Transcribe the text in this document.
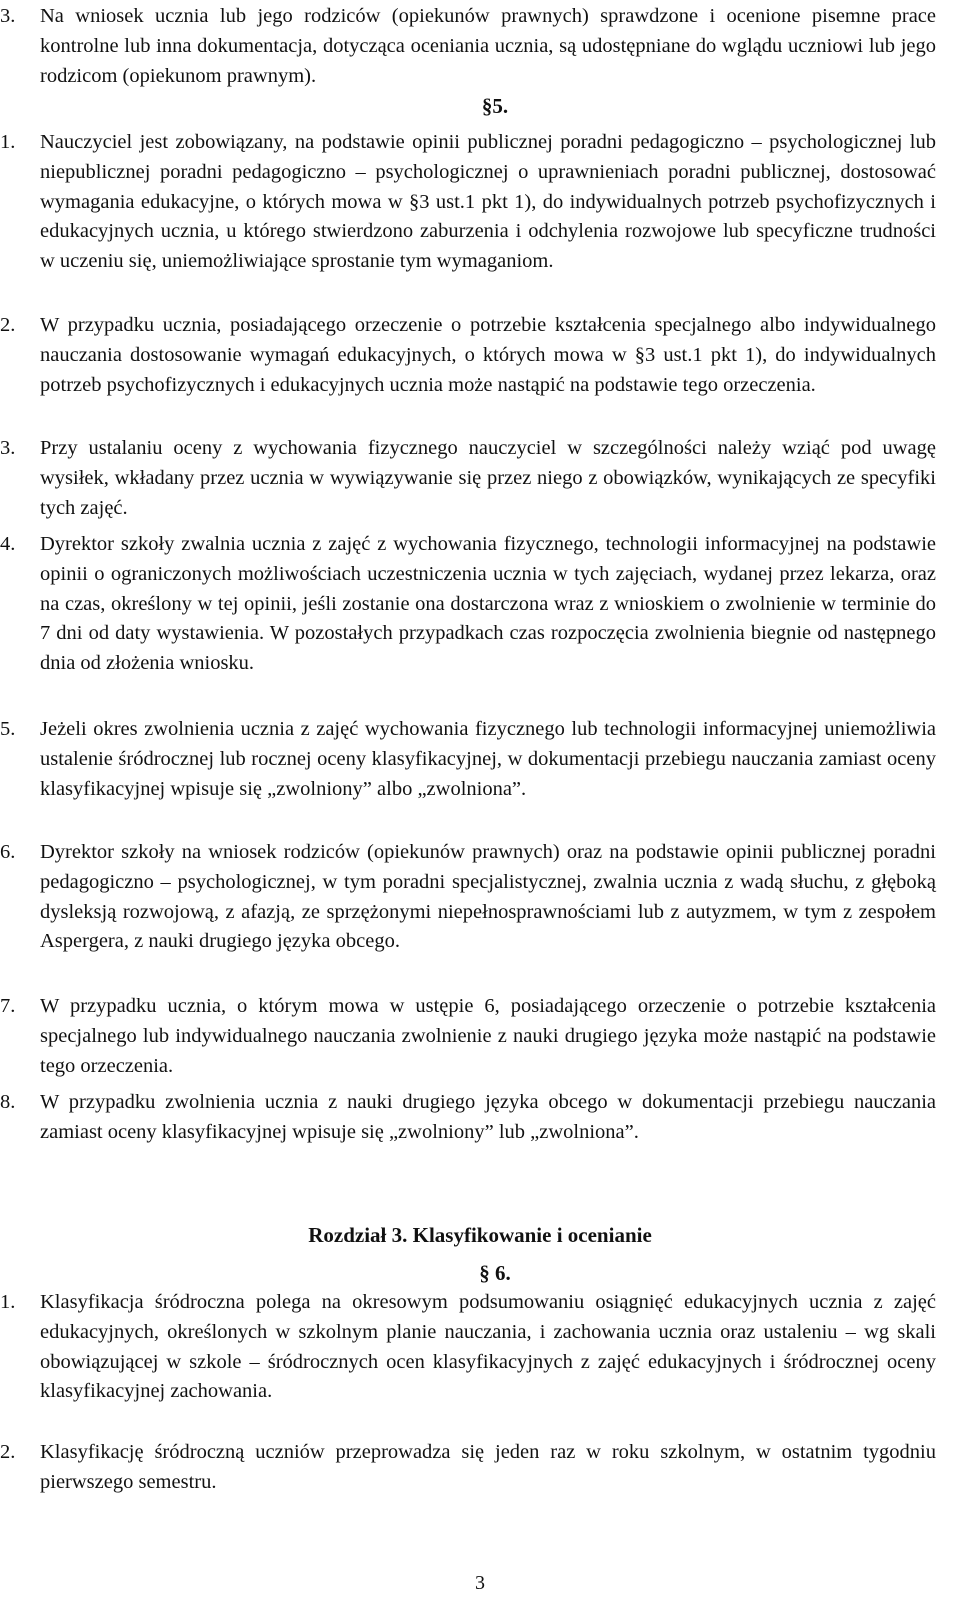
3. Na wniosek ucznia lub jego rodziców (opiekunów prawnych) sprawdzone i ocenione pisemne prace kontrolne lub inna dokumentacja, dotycząca oceniania ucznia, są udostępniane do wglądu uczniowi lub jego rodzicom (opiekunom prawnym).
§5.
1. Nauczyciel jest zobowiązany, na podstawie opinii publicznej poradni pedagogiczno – psychologicznej lub niepublicznej poradni pedagogiczno – psychologicznej o uprawnieniach poradni publicznej, dostosować wymagania edukacyjne, o których mowa w §3 ust.1 pkt 1), do indywidualnych potrzeb psychofizycznych i edukacyjnych ucznia, u którego stwierdzono zaburzenia i odchylenia rozwojowe lub specyficzne trudności w uczeniu się, uniemożliwiające sprostanie tym wymaganiom.
2. W przypadku ucznia, posiadającego orzeczenie o potrzebie kształcenia specjalnego albo indywidualnego nauczania dostosowanie wymagań edukacyjnych, o których mowa w §3 ust.1 pkt 1), do indywidualnych potrzeb psychofizycznych i edukacyjnych ucznia może nastąpić na podstawie tego orzeczenia.
3. Przy ustalaniu oceny z wychowania fizycznego nauczyciel w szczególności należy wziąć pod uwagę wysiłek, wkładany przez ucznia w wywiązywanie się przez niego z obowiązków, wynikających ze specyfiki tych zajęć.
4. Dyrektor szkoły zwalnia ucznia z zajęć z wychowania fizycznego, technologii informacyjnej na podstawie opinii o ograniczonych możliwościach uczestniczenia ucznia w tych zajęciach, wydanej przez lekarza, oraz na czas, określony w tej opinii, jeśli zostanie ona dostarczona wraz z wnioskiem o zwolnienie w terminie do 7 dni od daty wystawienia. W pozostałych przypadkach czas rozpoczęcia zwolnienia biegnie od następnego dnia od złożenia wniosku.
5. Jeżeli okres zwolnienia ucznia z zajęć wychowania fizycznego lub technologii informacyjnej uniemożliwia ustalenie śródrocznej lub rocznej oceny klasyfikacyjnej, w dokumentacji przebiegu nauczania zamiast oceny klasyfikacyjnej wpisuje się „zwolniony” albo „zwolniona”.
6. Dyrektor szkoły na wniosek rodziców (opiekunów prawnych) oraz na podstawie opinii publicznej poradni pedagogiczno – psychologicznej, w tym poradni specjalistycznej, zwalnia ucznia z wadą słuchu, z głęboką dysleksją rozwojową, z afazją, ze sprzężonymi niepełnosprawnościami lub z autyzmem, w tym z zespołem Aspergera, z nauki drugiego języka obcego.
7. W przypadku ucznia, o którym mowa w ustępie 6, posiadającego orzeczenie o potrzebie kształcenia specjalnego lub indywidualnego nauczania zwolnienie z nauki drugiego języka może nastąpić na podstawie tego orzeczenia.
8. W przypadku zwolnienia ucznia z nauki drugiego języka obcego w dokumentacji przebiegu nauczania zamiast oceny klasyfikacyjnej wpisuje się „zwolniony” lub „zwolniona”.
Rozdział 3. Klasyfikowanie i ocenianie
§ 6.
1. Klasyfikacja śródroczna polega na okresowym podsumowaniu osiągnięć edukacyjnych ucznia z zajęć edukacyjnych, określonych w szkolnym planie nauczania, i zachowania ucznia oraz ustaleniu – wg skali obowiązującej w szkole – śródrocznych ocen klasyfikacyjnych z zajęć edukacyjnych i śródrocznej oceny klasyfikacyjnej zachowania.
2. Klasyfikację śródroczną uczniów przeprowadza się jeden raz w roku szkolnym, w ostatnim tygodniu pierwszego semestru.
3
